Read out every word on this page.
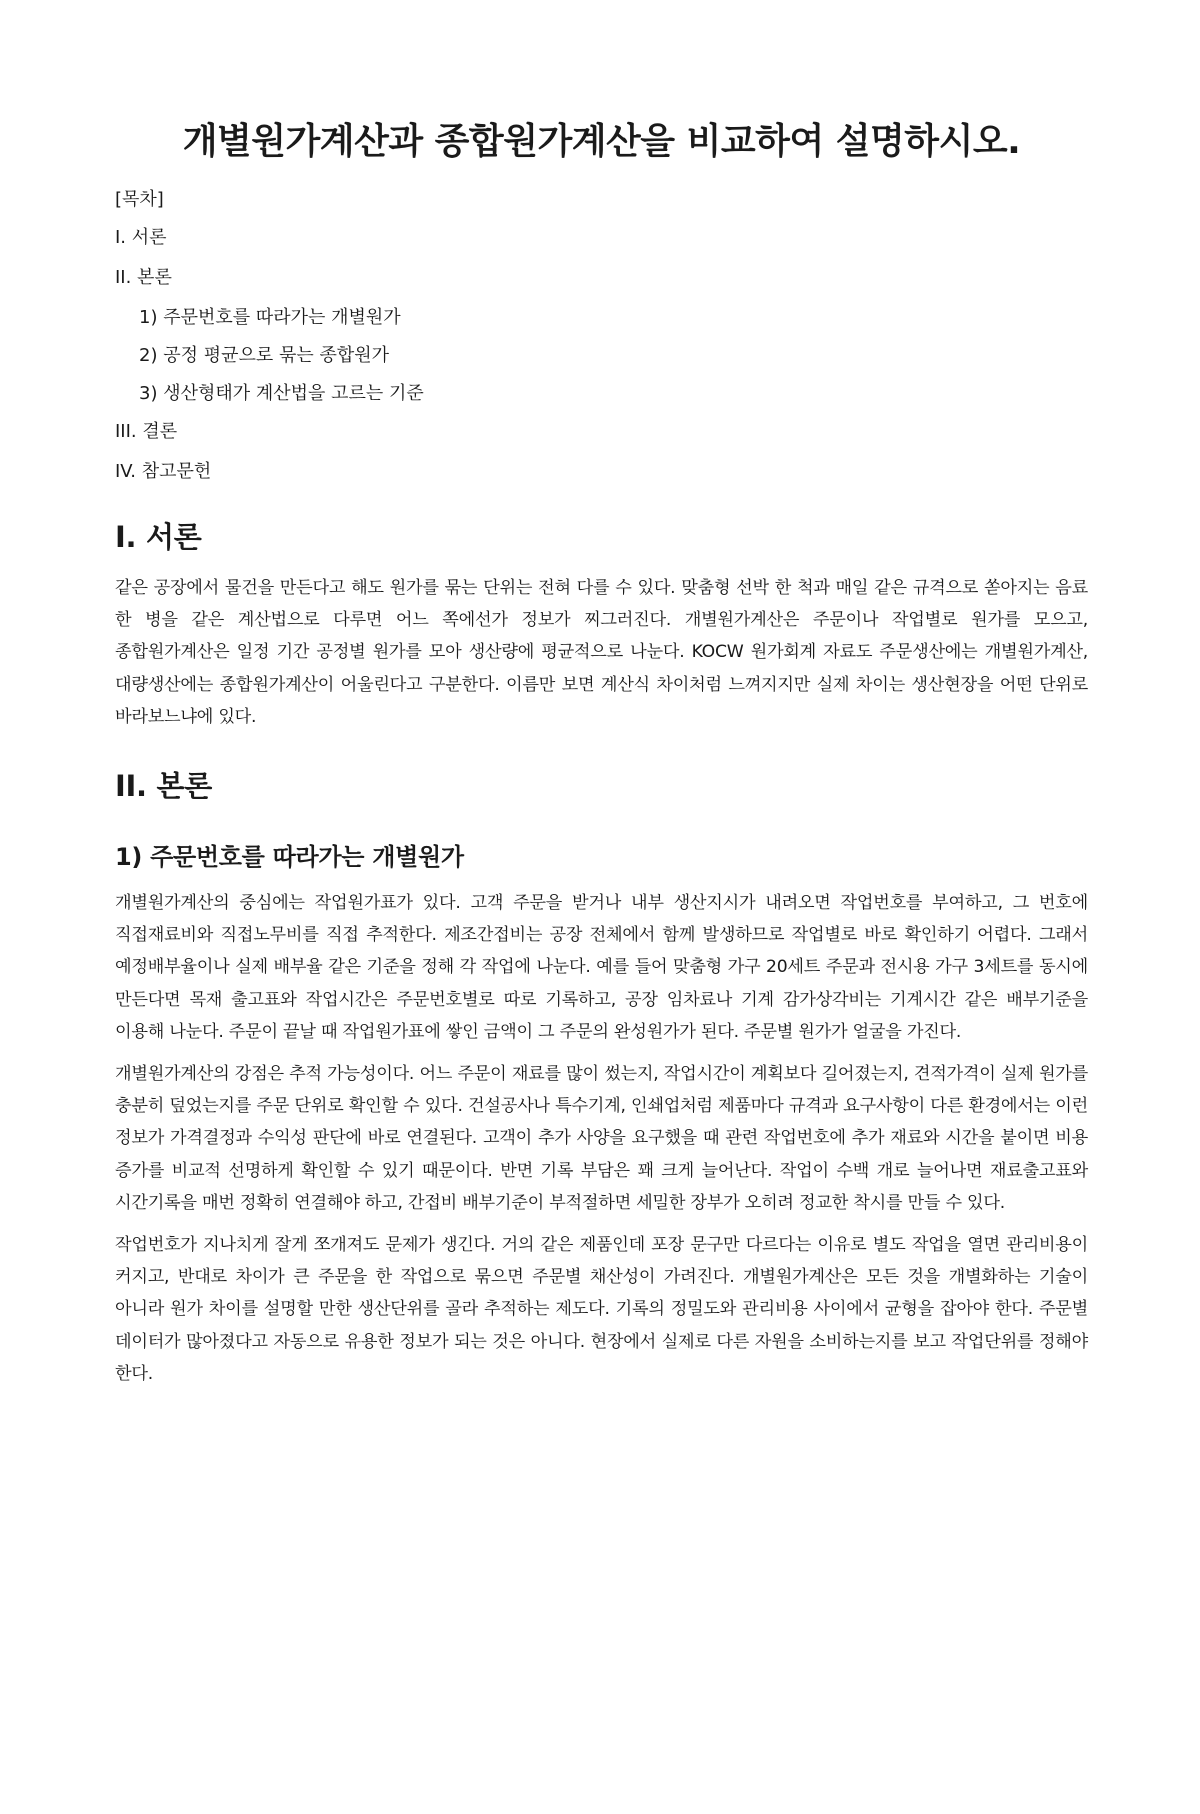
개별원가계산과 종합원가계산을 비교하여 설명하시오.
[목차]
I. 서론
II. 본론
1) 주문번호를 따라가는 개별원가
2) 공정 평균으로 묶는 종합원가
3) 생산형태가 계산법을 고르는 기준
III. 결론
IV. 참고문헌
I. 서론

같은 공장에서 물건을 만든다고 해도 원가를 묶는 단위는 전혀 다를 수 있다. 맞춤형 선박 한 척과 매일 같은 규격으로 쏟아지는 음료 한 병을 같은 계산법으로 다루면 어느 쪽에선가 정보가 찌그러진다. 개별원가계산은 주문이나 작업별로 원가를 모으고, 종합원가계산은 일정 기간 공정별 원가를 모아 생산량에 평균적으로 나눈다. KOCW 원가회계 자료도 주문생산에는 개별원가계산, 대량생산에는 종합원가계산이 어울린다고 구분한다. 이름만 보면 계산식 차이처럼 느껴지지만 실제 차이는 생산현장을 어떤 단위로 바라보느냐에 있다.

II. 본론
1) 주문번호를 따라가는 개별원가

개별원가계산의 중심에는 작업원가표가 있다. 고객 주문을 받거나 내부 생산지시가 내려오면 작업번호를 부여하고, 그 번호에 직접재료비와 직접노무비를 직접 추적한다. 제조간접비는 공장 전체에서 함께 발생하므로 작업별로 바로 확인하기 어렵다. 그래서 예정배부율이나 실제 배부율 같은 기준을 정해 각 작업에 나눈다. 예를 들어 맞춤형 가구 20세트 주문과 전시용 가구 3세트를 동시에 만든다면 목재 출고표와 작업시간은 주문번호별로 따로 기록하고, 공장 임차료나 기계 감가상각비는 기계시간 같은 배부기준을 이용해 나눈다. 주문이 끝날 때 작업원가표에 쌓인 금액이 그 주문의 완성원가가 된다. 주문별 원가가 얼굴을 가진다.

개별원가계산의 강점은 추적 가능성이다. 어느 주문이 재료를 많이 썼는지, 작업시간이 계획보다 길어졌는지, 견적가격이 실제 원가를 충분히 덮었는지를 주문 단위로 확인할 수 있다. 건설공사나 특수기계, 인쇄업처럼 제품마다 규격과 요구사항이 다른 환경에서는 이런 정보가 가격결정과 수익성 판단에 바로 연결된다. 고객이 추가 사양을 요구했을 때 관련 작업번호에 추가 재료와 시간을 붙이면 비용 증가를 비교적 선명하게 확인할 수 있기 때문이다. 반면 기록 부담은 꽤 크게 늘어난다. 작업이 수백 개로 늘어나면 재료출고표와 시간기록을 매번 정확히 연결해야 하고, 간접비 배부기준이 부적절하면 세밀한 장부가 오히려 정교한 착시를 만들 수 있다.

작업번호가 지나치게 잘게 쪼개져도 문제가 생긴다. 거의 같은 제품인데 포장 문구만 다르다는 이유로 별도 작업을 열면 관리비용이 커지고, 반대로 차이가 큰 주문을 한 작업으로 묶으면 주문별 채산성이 가려진다. 개별원가계산은 모든 것을 개별화하는 기술이 아니라 원가 차이를 설명할 만한 생산단위를 골라 추적하는 제도다. 기록의 정밀도와 관리비용 사이에서 균형을 잡아야 한다. 주문별 데이터가 많아졌다고 자동으로 유용한 정보가 되는 것은 아니다. 현장에서 실제로 다른 자원을 소비하는지를 보고 작업단위를 정해야 한다.
